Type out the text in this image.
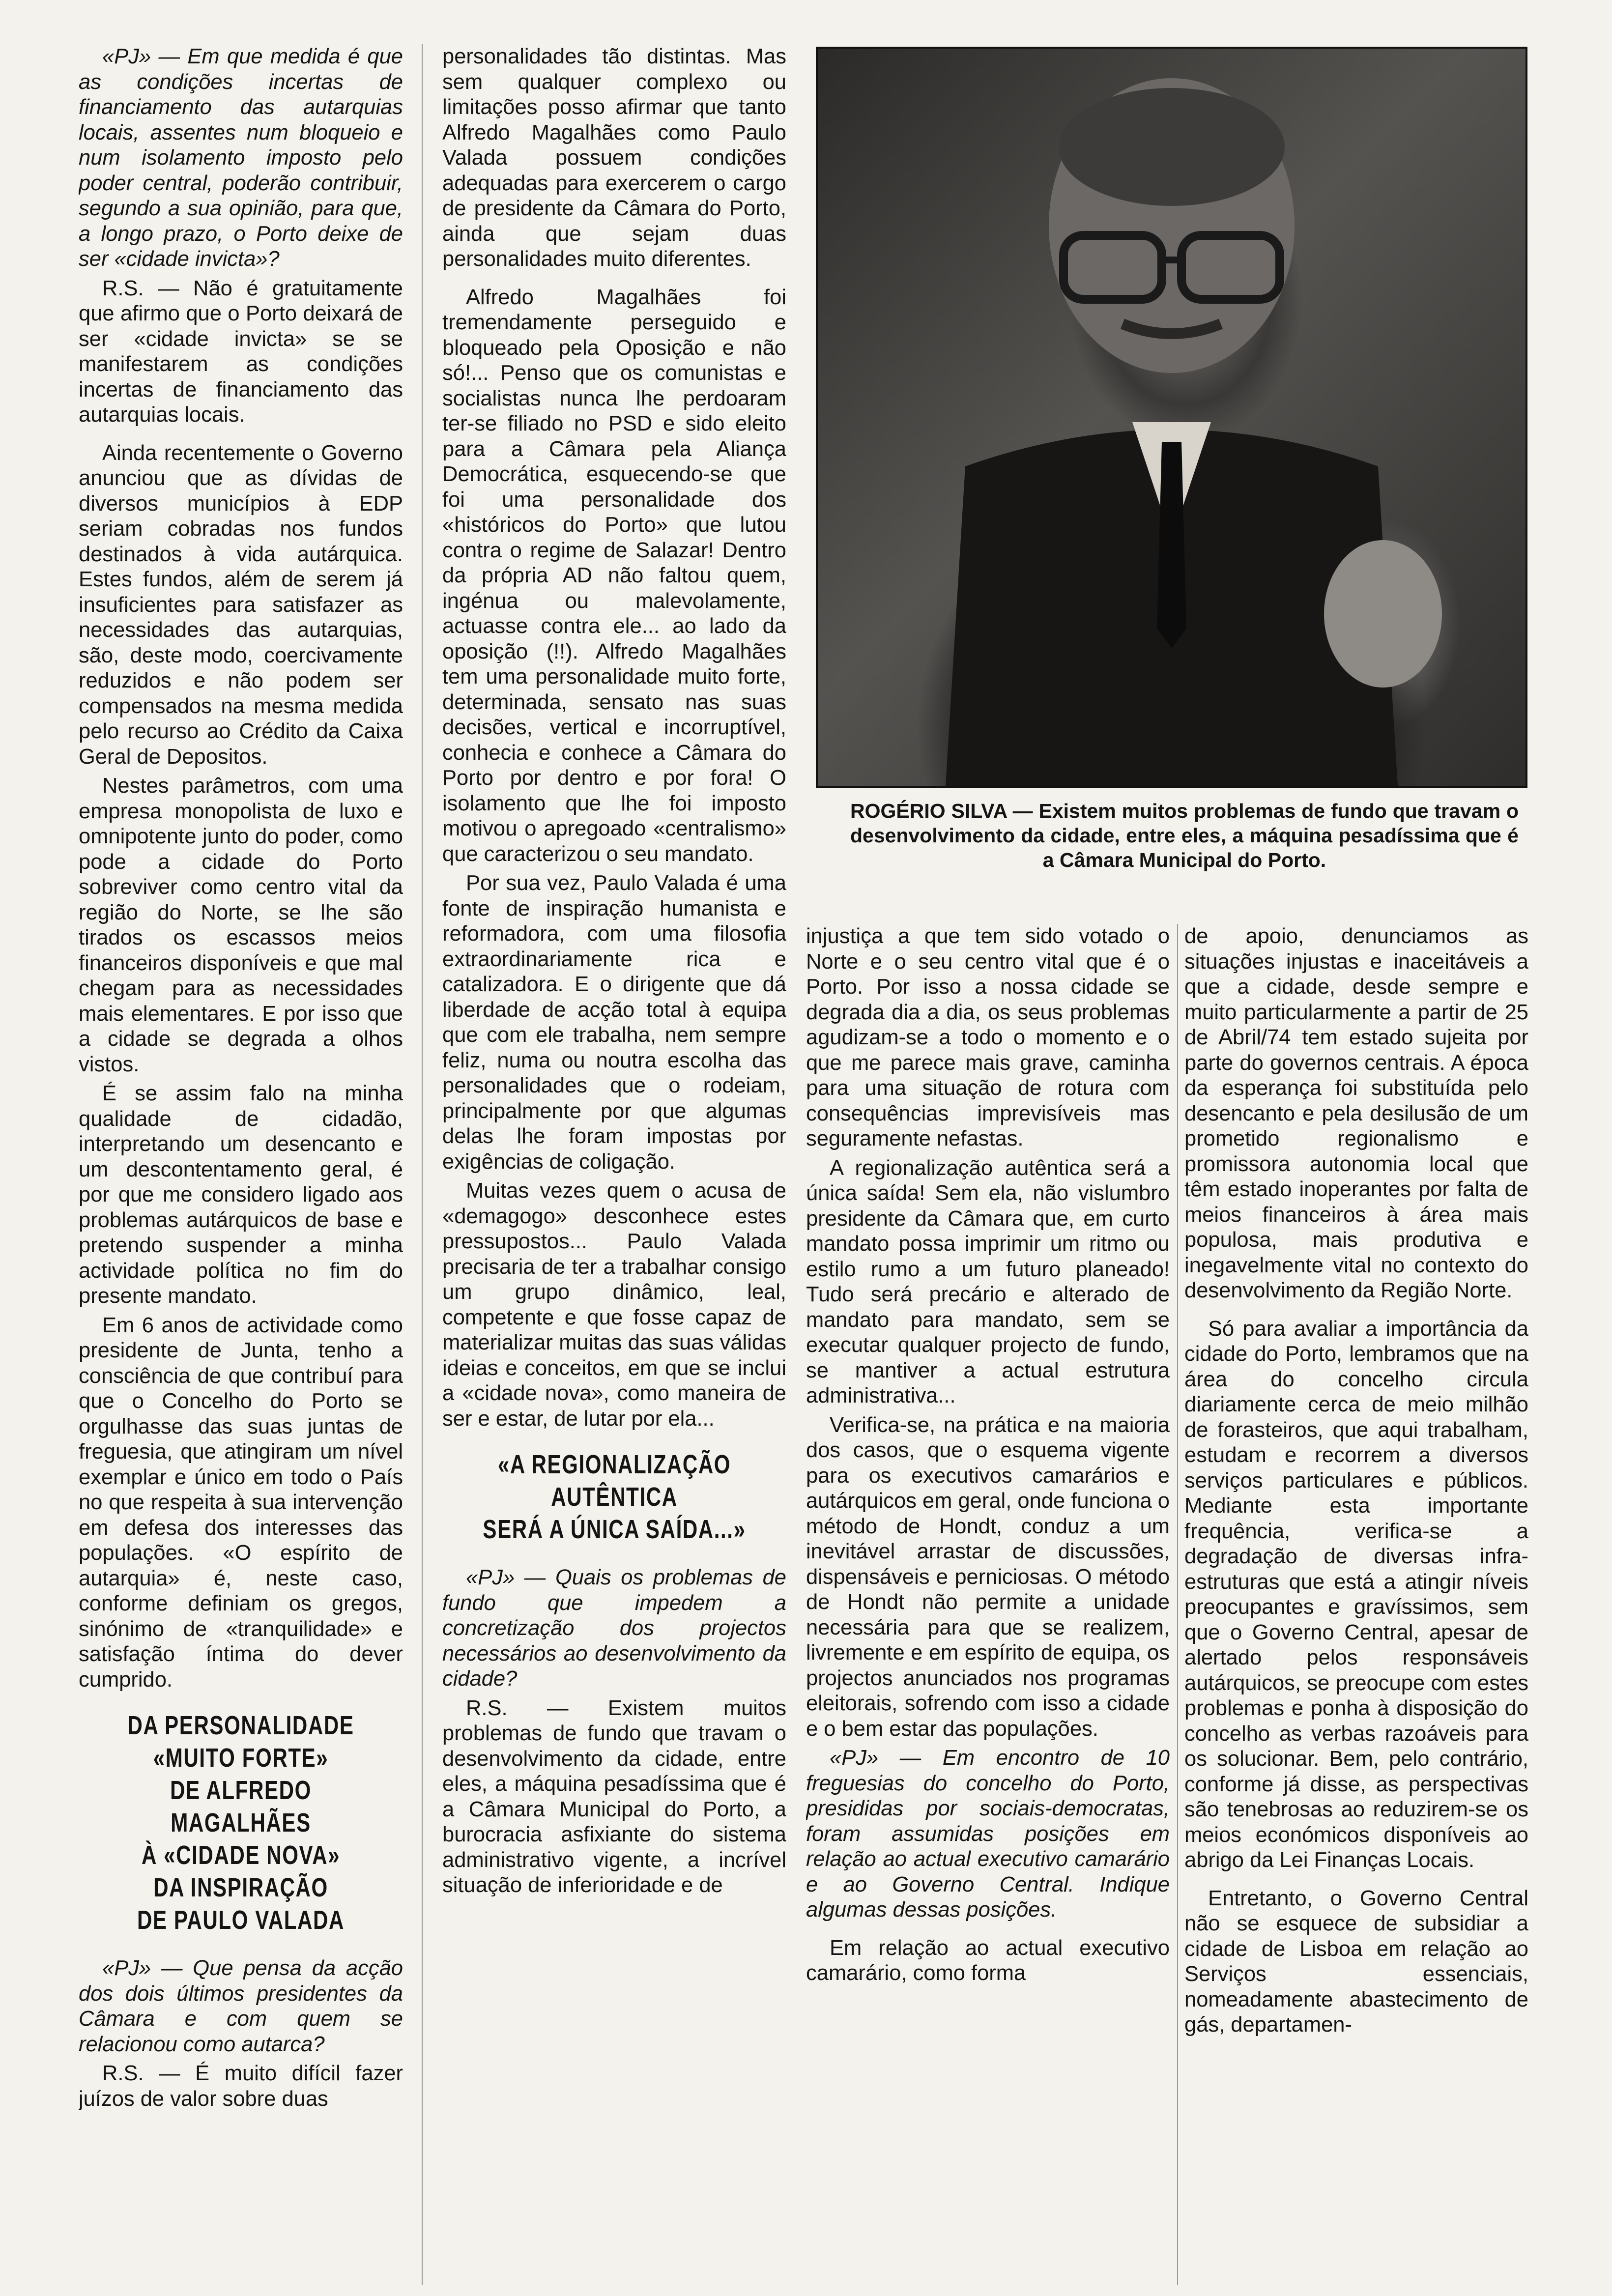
«PJ» — Em que medida é que as condições incertas de financiamento das autarquias locais, assentes num bloqueio e num isolamento imposto pelo poder central, poderão contribuir, segundo a sua opinião, para que, a longo prazo, o Porto deixe de ser «cidade invicta»?

R.S. — Não é gratuitamente que afirmo que o Porto deixará de ser «cidade invicta» se se manifestarem as condições incertas de financiamento das autarquias locais.

Ainda recentemente o Governo anunciou que as dívidas de diversos municípios à EDP seriam cobradas nos fundos destinados à vida autárquica. Estes fundos, além de serem já insuficientes para satisfazer as necessidades das autarquias, são, deste modo, coercivamente reduzidos e não podem ser compensados na mesma medida pelo recurso ao Crédito da Caixa Geral de Depositos.

Nestes parâmetros, com uma empresa monopolista de luxo e omnipotente junto do poder, como pode a cidade do Porto sobreviver como centro vital da região do Norte, se lhe são tirados os escassos meios financeiros disponíveis e que mal chegam para as necessidades mais elementares. E por isso que a cidade se degrada a olhos vistos.

É se assim falo na minha qualidade de cidadão, interpretando um desencanto e um descontentamento geral, é por que me considero ligado aos problemas autárquicos de base e pretendo suspender a minha actividade política no fim do presente mandato.

Em 6 anos de actividade como presidente de Junta, tenho a consciência de que contribuí para que o Concelho do Porto se orgulhasse das suas juntas de freguesia, que atingiram um nível exemplar e único em todo o País no que respeita à sua intervenção em defesa dos interesses das populações. «O espírito de autarquia» é, neste caso, conforme definiam os gregos, sinónimo de «tranquilidade» e satisfação íntima do dever cumprido.

DA PERSONALIDADE
«MUITO FORTE»
DE ALFREDO MAGALHÃES
À «CIDADE NOVA»
DA INSPIRAÇÃO
DE PAULO VALADA

«PJ» — Que pensa da acção dos dois últimos presidentes da Câmara e com quem se relacionou como autarca?

R.S. — É muito difícil fazer juízos de valor sobre duas

personalidades tão distintas. Mas sem qualquer complexo ou limitações posso afirmar que tanto Alfredo Magalhães como Paulo Valada possuem condições adequadas para exercerem o cargo de presidente da Câmara do Porto, ainda que sejam duas personalidades muito diferentes.

Alfredo Magalhães foi tremendamente perseguido e bloqueado pela Oposição e não só!... Penso que os comunistas e socialistas nunca lhe perdoaram ter-se filiado no PSD e sido eleito para a Câmara pela Aliança Democrática, esquecendo-se que foi uma personalidade dos «históricos do Porto» que lutou contra o regime de Salazar! Dentro da própria AD não faltou quem, ingénua ou malevolamente, actuasse contra ele... ao lado da oposição (!!). Alfredo Magalhães tem uma personalidade muito forte, determinada, sensato nas suas decisões, vertical e incorruptível, conhecia e conhece a Câmara do Porto por dentro e por fora! O isolamento que lhe foi imposto motivou o apregoado «centralismo» que caracterizou o seu mandato.

Por sua vez, Paulo Valada é uma fonte de inspiração humanista e reformadora, com uma filosofia extraordinariamente rica e catalizadora. E o dirigente que dá liberdade de acção total à equipa que com ele trabalha, nem sempre feliz, numa ou noutra escolha das personalidades que o rodeiam, principalmente por que algumas delas lhe foram impostas por exigências de coligação.

Muitas vezes quem o acusa de «demagogo» desconhece estes pressupostos... Paulo Valada precisaria de ter a trabalhar consigo um grupo dinâmico, leal, competente e que fosse capaz de materializar muitas das suas válidas ideias e conceitos, em que se inclui a «cidade nova», como maneira de ser e estar, de lutar por ela...

«A REGIONALIZAÇÃO
AUTÊNTICA
SERÁ A ÚNICA SAÍDA...»

«PJ» — Quais os problemas de fundo que impedem a concretização dos projectos necessários ao desenvolvimento da cidade?

R.S. — Existem muitos problemas de fundo que travam o desenvolvimento da cidade, entre eles, a máquina pesadíssima que é a Câmara Municipal do Porto, a burocracia asfixiante do sistema administrativo vigente, a incrível situação de inferioridade e de

ROGÉRIO SILVA — Existem muitos problemas de fundo que travam o desenvolvimento da cidade, entre eles, a máquina pesadíssima que é a Câmara Municipal do Porto.

injustiça a que tem sido votado o Norte e o seu centro vital que é o Porto. Por isso a nossa cidade se degrada dia a dia, os seus problemas agudizam-se a todo o momento e o que me parece mais grave, caminha para uma situação de rotura com consequências imprevisíveis mas seguramente nefastas.

A regionalização autêntica será a única saída! Sem ela, não vislumbro presidente da Câmara que, em curto mandato possa imprimir um ritmo ou estilo rumo a um futuro planeado! Tudo será precário e alterado de mandato para mandato, sem se executar qualquer projecto de fundo, se mantiver a actual estrutura administrativa...

Verifica-se, na prática e na maioria dos casos, que o esquema vigente para os executivos camarários e autárquicos em geral, onde funciona o método de Hondt, conduz a um inevitável arrastar de discussões, dispensáveis e perniciosas. O método de Hondt não permite a unidade necessária para que se realizem, livremente e em espírito de equipa, os projectos anunciados nos programas eleitorais, sofrendo com isso a cidade e o bem estar das populações.

«PJ» — Em encontro de 10 freguesias do concelho do Porto, presididas por sociais-democratas, foram assumidas posições em relação ao actual executivo camarário e ao Governo Central. Indique algumas dessas posições.

Em relação ao actual executivo camarário, como forma

de apoio, denunciamos as situações injustas e inaceitáveis a que a cidade, desde sempre e muito particularmente a partir de 25 de Abril/74 tem estado sujeita por parte do governos centrais. A época da esperança foi substituída pelo desencanto e pela desilusão de um prometido regionalismo e promissora autonomia local que têm estado inoperantes por falta de meios financeiros à área mais populosa, mais produtiva e inegavelmente vital no contexto do desenvolvimento da Região Norte.

Só para avaliar a importância da cidade do Porto, lembramos que na área do concelho circula diariamente cerca de meio milhão de forasteiros, que aqui trabalham, estudam e recorrem a diversos serviços particulares e públicos. Mediante esta importante frequência, verifica-se a degradação de diversas infra-estruturas que está a atingir níveis preocupantes e gravíssimos, sem que o Governo Central, apesar de alertado pelos responsáveis autárquicos, se preocupe com estes problemas e ponha à disposição do concelho as verbas razoáveis para os solucionar. Bem, pelo contrário, conforme já disse, as perspectivas são tenebrosas ao reduzirem-se os meios económicos disponíveis ao abrigo da Lei Finanças Locais.

Entretanto, o Governo Central não se esquece de subsidiar a cidade de Lisboa em relação ao Serviços essenciais, nomeadamente abastecimento de gás, departamen-
